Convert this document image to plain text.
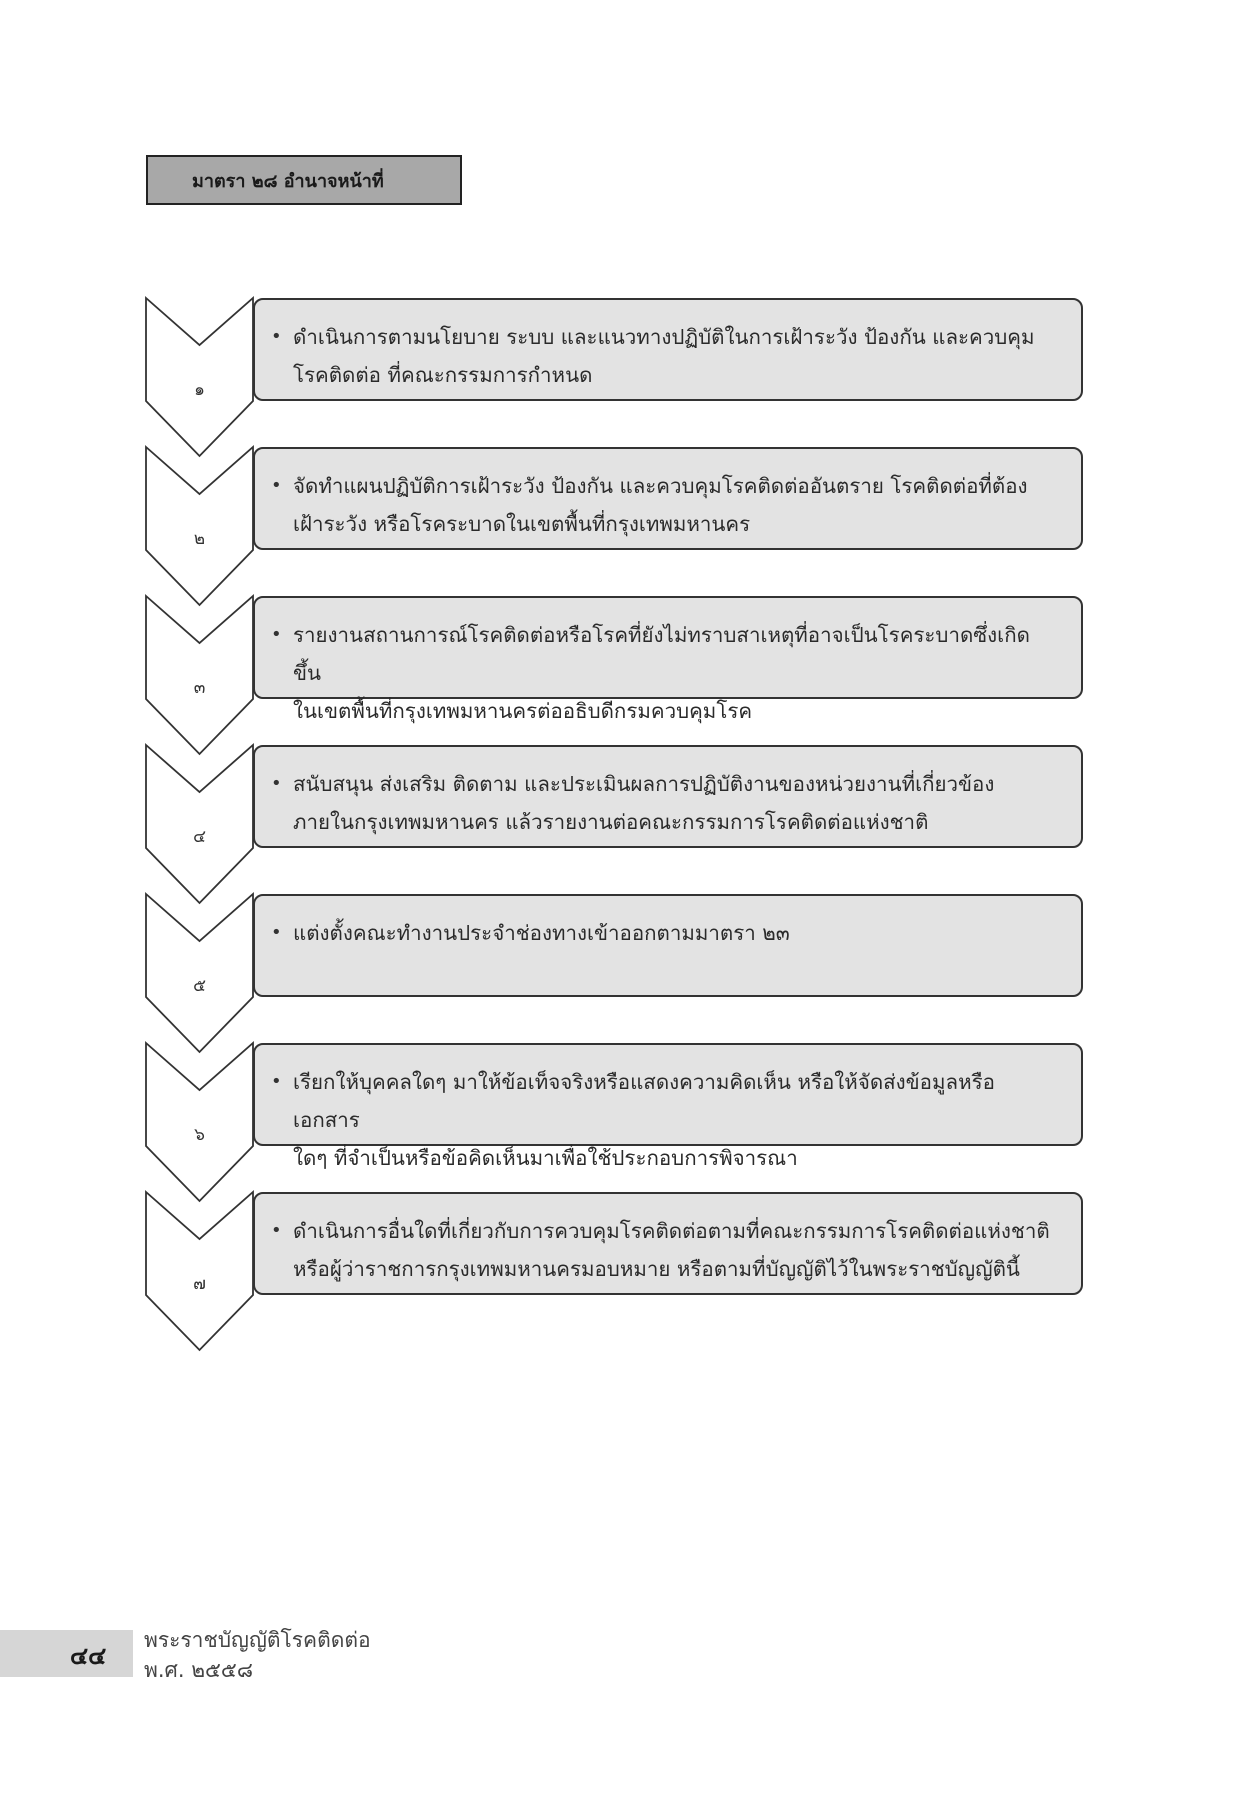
มาตรา ๒๘ อำนาจหน้าที่
๑
• ดำเนินการตามนโยบาย ระบบ และแนวทางปฏิบัติในการเฝ้าระวัง ป้องกัน และควบคุม
โรคติดต่อ ที่คณะกรรมการกำหนด
๒
• จัดทำแผนปฏิบัติการเฝ้าระวัง ป้องกัน และควบคุมโรคติดต่ออันตราย โรคติดต่อที่ต้อง
เฝ้าระวัง หรือโรคระบาดในเขตพื้นที่กรุงเทพมหานคร
๓
• รายงานสถานการณ์โรคติดต่อหรือโรคที่ยังไม่ทราบสาเหตุที่อาจเป็นโรคระบาดซึ่งเกิดขึ้น
ในเขตพื้นที่กรุงเทพมหานครต่ออธิบดีกรมควบคุมโรค
๔
• สนับสนุน ส่งเสริม ติดตาม และประเมินผลการปฏิบัติงานของหน่วยงานที่เกี่ยวข้อง
ภายในกรุงเทพมหานคร แล้วรายงานต่อคณะกรรมการโรคติดต่อแห่งชาติ
๕
• แต่งตั้งคณะทำงานประจำช่องทางเข้าออกตามมาตรา ๒๓
๖
• เรียกให้บุคคลใดๆ มาให้ข้อเท็จจริงหรือแสดงความคิดเห็น หรือให้จัดส่งข้อมูลหรือเอกสาร
ใดๆ ที่จำเป็นหรือข้อคิดเห็นมาเพื่อใช้ประกอบการพิจารณา
๗
• ดำเนินการอื่นใดที่เกี่ยวกับการควบคุมโรคติดต่อตามที่คณะกรรมการโรคติดต่อแห่งชาติ
หรือผู้ว่าราชการกรุงเทพมหานครมอบหมาย หรือตามที่บัญญัติไว้ในพระราชบัญญัตินี้
๔๔
พระราชบัญญัติโรคติดต่อ
พ.ศ. ๒๕๕๘
